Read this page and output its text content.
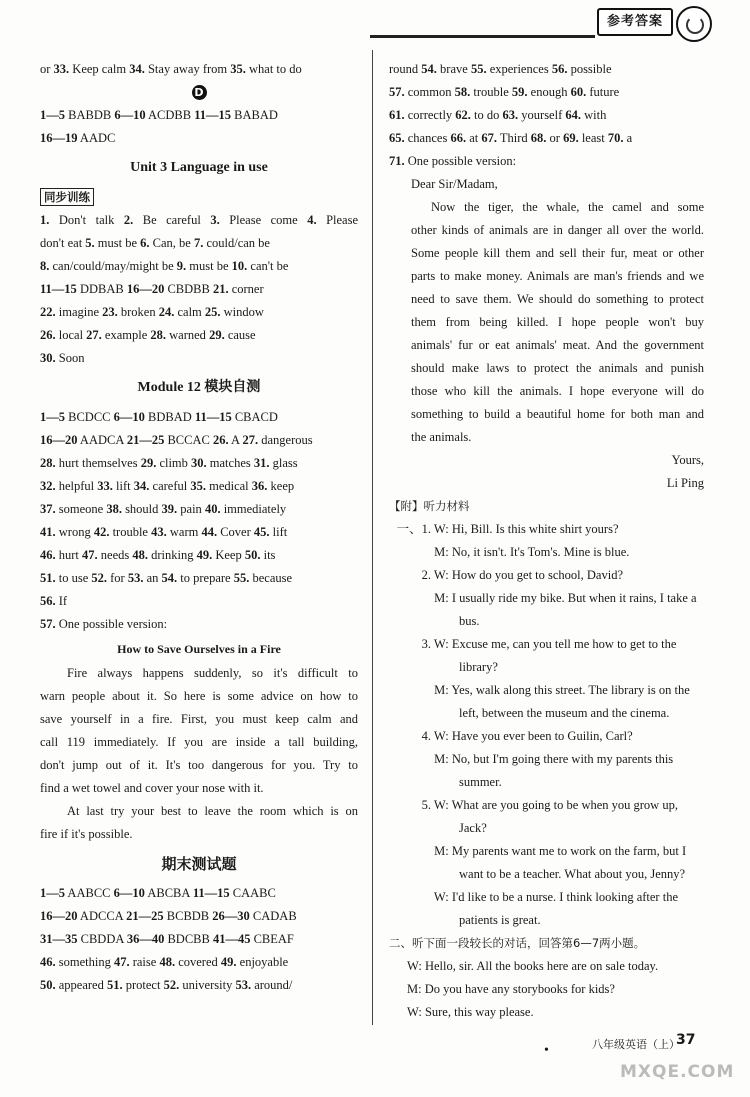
参考答案

or 33. Keep calm 34. Stay away from 35. what to do

D

1—5 BABDB 6—10 ACDBB 11—15 BABAD

16—19 AADC

Unit 3 Language in use

同步训练

1. Don't talk 2. Be careful 3. Please come 4. Please

don't eat 5. must be 6. Can, be 7. could/can be

8. can/could/may/might be 9. must be 10. can't be

11—15 DDBAB 16—20 CBDBB 21. corner

22. imagine 23. broken 24. calm 25. window

26. local 27. example 28. warned 29. cause

30. Soon

Module 12 模块自测

1—5 BCDCC 6—10 BDBAD 11—15 CBACD

16—20 AADCA 21—25 BCCAC 26. A 27. dangerous

28. hurt themselves 29. climb 30. matches 31. glass

32. helpful 33. lift 34. careful 35. medical 36. keep

37. someone 38. should 39. pain 40. immediately

41. wrong 42. trouble 43. warm 44. Cover 45. lift

46. hurt 47. needs 48. drinking 49. Keep 50. its

51. to use 52. for 53. an 54. to prepare 55. because

56. If

57. One possible version:

How to Save Ourselves in a Fire

Fire always happens suddenly, so it's difficult to

warn people about it. So here is some advice on how to

save yourself in a fire. First, you must keep calm and

call 119 immediately. If you are inside a tall building,

don't jump out of it. It's too dangerous for you. Try to

find a wet towel and cover your nose with it.

At last try your best to leave the room which is on

fire if it's possible.

期末测试题

1—5 AABCC 6—10 ABCBA 11—15 CAABC

16—20 ADCCA 21—25 BCBDB 26—30 CADAB

31—35 CBDDA 36—40 BDCBB 41—45 CBEAF

46. something 47. raise 48. covered 49. enjoyable

50. appeared 51. protect 52. university 53. around/

round 54. brave 55. experiences 56. possible

57. common 58. trouble 59. enough 60. future

61. correctly 62. to do 63. yourself 64. with

65. chances 66. at 67. Third 68. or 69. least 70. a

71. One possible version:

Dear Sir/Madam,

Now the tiger, the whale, the camel and some

other kinds of animals are in danger all over the world.

Some people kill them and sell their fur, meat or other

parts to make money. Animals are man's friends and we

need to save them. We should do something to protect

them from being killed. I hope people won't buy

animals' fur or eat animals' meat. And the government

should make laws to protect the animals and punish

those who kill the animals. I hope everyone will do

something to build a beautiful home for both man and

the animals.

Yours,

Li Ping

【附】听力材料

一、1. W: Hi, Bill. Is this white shirt yours?

M: No, it isn't. It's Tom's. Mine is blue.

2. W: How do you get to school, David?

M: I usually ride my bike. But when it rains, I take a

bus.

3. W: Excuse me, can you tell me how to get to the

library?

M: Yes, walk along this street. The library is on the

left, between the museum and the cinema.

4. W: Have you ever been to Guilin, Carl?

M: No, but I'm going there with my parents this

summer.

5. W: What are you going to be when you grow up,

Jack?

M: My parents want me to work on the farm, but I

want to be a teacher. What about you, Jenny?

W: I'd like to be a nurse. I think looking after the

patients is great.

二、听下面一段较长的对话，回答第6—7两小题。

W: Hello, sir. All the books here are on sale today.

M: Do you have any storybooks for kids?

W: Sure, this way please.

•	八年级英语（上）
37
MXQE.COM
